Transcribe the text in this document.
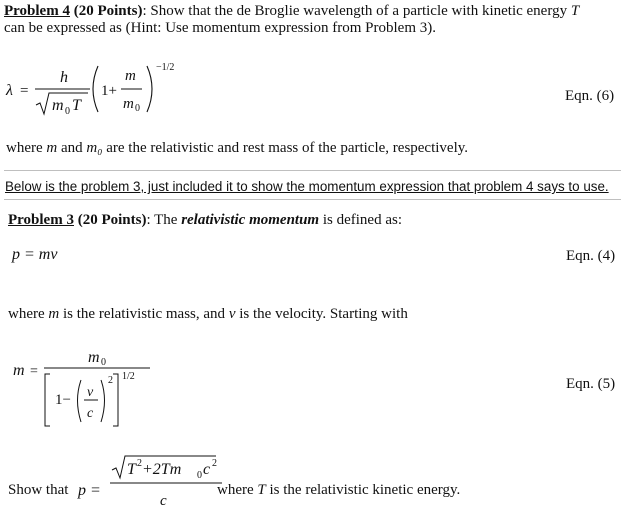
Problem 4 (20 Points): Show that the de Broglie wavelength of a particle with kinetic energy T
can be expressed as (Hint: Use momentum expression from Problem 3).
λ =
h
m 0 T
1+
m
m 0
−1/2
Eqn. (6)
where m and m₀ are the relativistic and rest mass of the particle, respectively.
Below is the problem 3, just included it to show the momentum expression that problem 4 says to use.
Problem 3 (20 Points): The relativistic momentum is defined as:
p = mv	Eqn. (4)
where m is the relativistic mass, and v is the velocity. Starting with
m =
m 0
1− v
c
2 1/2	Eqn. (5)
Show that p =
T 2 +2Tm 0 c 2
c
where T is the relativistic kinetic energy.
